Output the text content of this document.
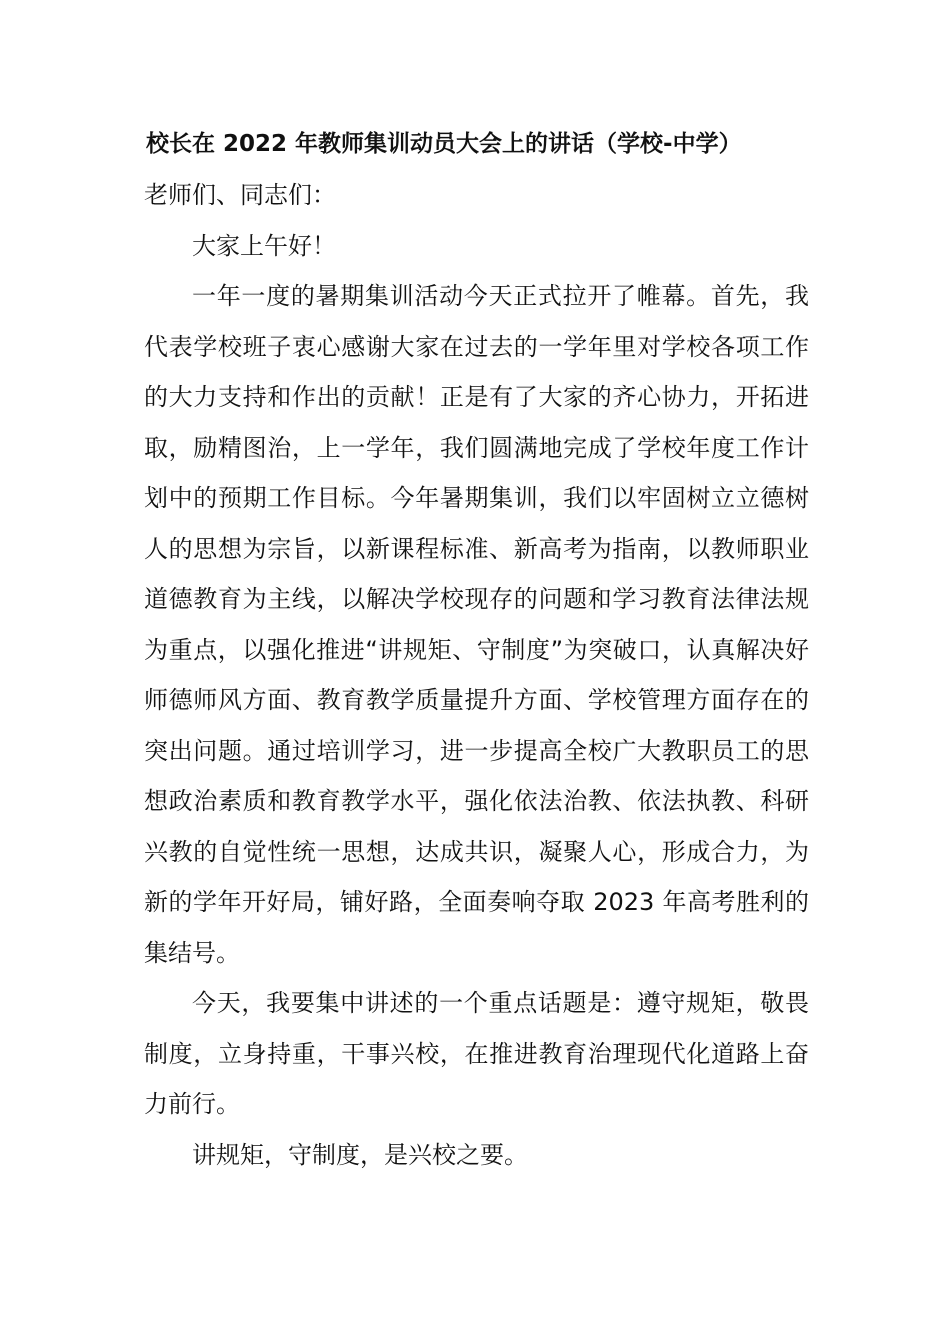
校长在 2022 年教师集训动员大会上的讲话（学校-中学）

老师们、同志们：

大家上午好！

一年一度的暑期集训活动今天正式拉开了帷幕。首先，我代表学校班子衷心感谢大家在过去的一学年里对学校各项工作的大力支持和作出的贡献！正是有了大家的齐心协力，开拓进取，励精图治，上一学年，我们圆满地完成了学校年度工作计划中的预期工作目标。今年暑期集训，我们以牢固树立立德树人的思想为宗旨，以新课程标准、新高考为指南，以教师职业道德教育为主线，以解决学校现存的问题和学习教育法律法规为重点，以强化推进“讲规矩、守制度”为突破口，认真解决好师德师风方面、教育教学质量提升方面、学校管理方面存在的突出问题。通过培训学习，进一步提高全校广大教职员工的思想政治素质和教育教学水平，强化依法治教、依法执教、科研兴教的自觉性统一思想，达成共识，凝聚人心，形成合力，为新的学年开好局，铺好路，全面奏响夺取 2023 年高考胜利的集结号。

今天，我要集中讲述的一个重点话题是：遵守规矩，敬畏制度，立身持重，干事兴校，在推进教育治理现代化道路上奋力前行。

讲规矩，守制度，是兴校之要。
